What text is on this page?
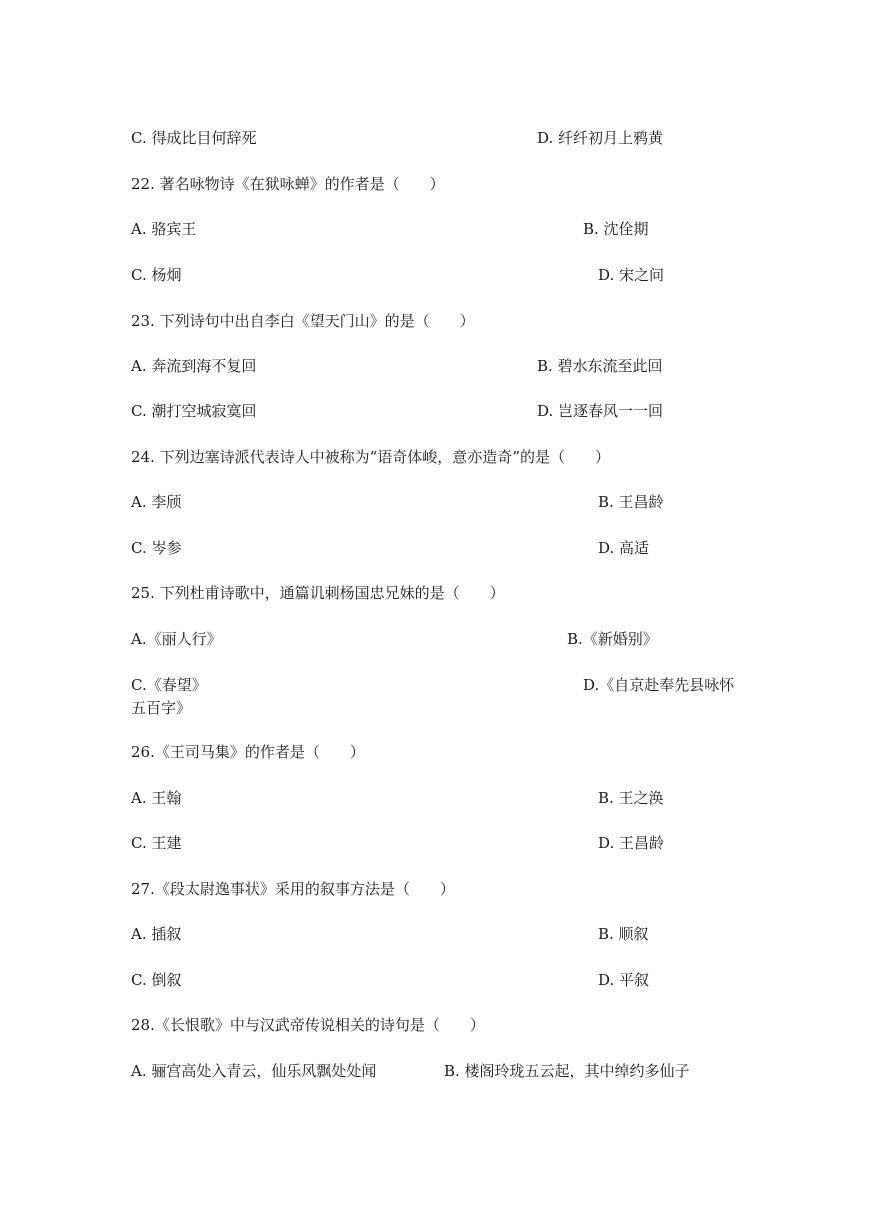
C. 得成比目何辞死	D. 纤纤初月上鸦黄
22. 著名咏物诗《在狱咏蝉》的作者是（　　）
A. 骆宾王	B. 沈佺期
C. 杨炯	D. 宋之问
23. 下列诗句中出自李白《望天门山》的是（　　）
A. 奔流到海不复回	B. 碧水东流至此回
C. 潮打空城寂寞回	D. 岂逐春风一一回
24. 下列边塞诗派代表诗人中被称为“语奇体峻，意亦造奇”的是（　　）
A. 李颀	B. 王昌龄
C. 岑参	D. 高适
25. 下列杜甫诗歌中，通篇讥刺杨国忠兄妹的是（　　）
A.《丽人行》	B.《新婚别》
C.《春望》	D.《自京赴奉先县咏怀
五百字》
26.《王司马集》的作者是（　　）
A. 王翰	B. 王之涣
C. 王建	D. 王昌龄
27.《段太尉逸事状》采用的叙事方法是（　　）
A. 插叙	B. 顺叙
C. 倒叙	D. 平叙
28.《长恨歌》中与汉武帝传说相关的诗句是（　　）
A. 骊宫高处入青云，仙乐风飘处处闻	B. 楼阁玲珑五云起，其中绰约多仙子
